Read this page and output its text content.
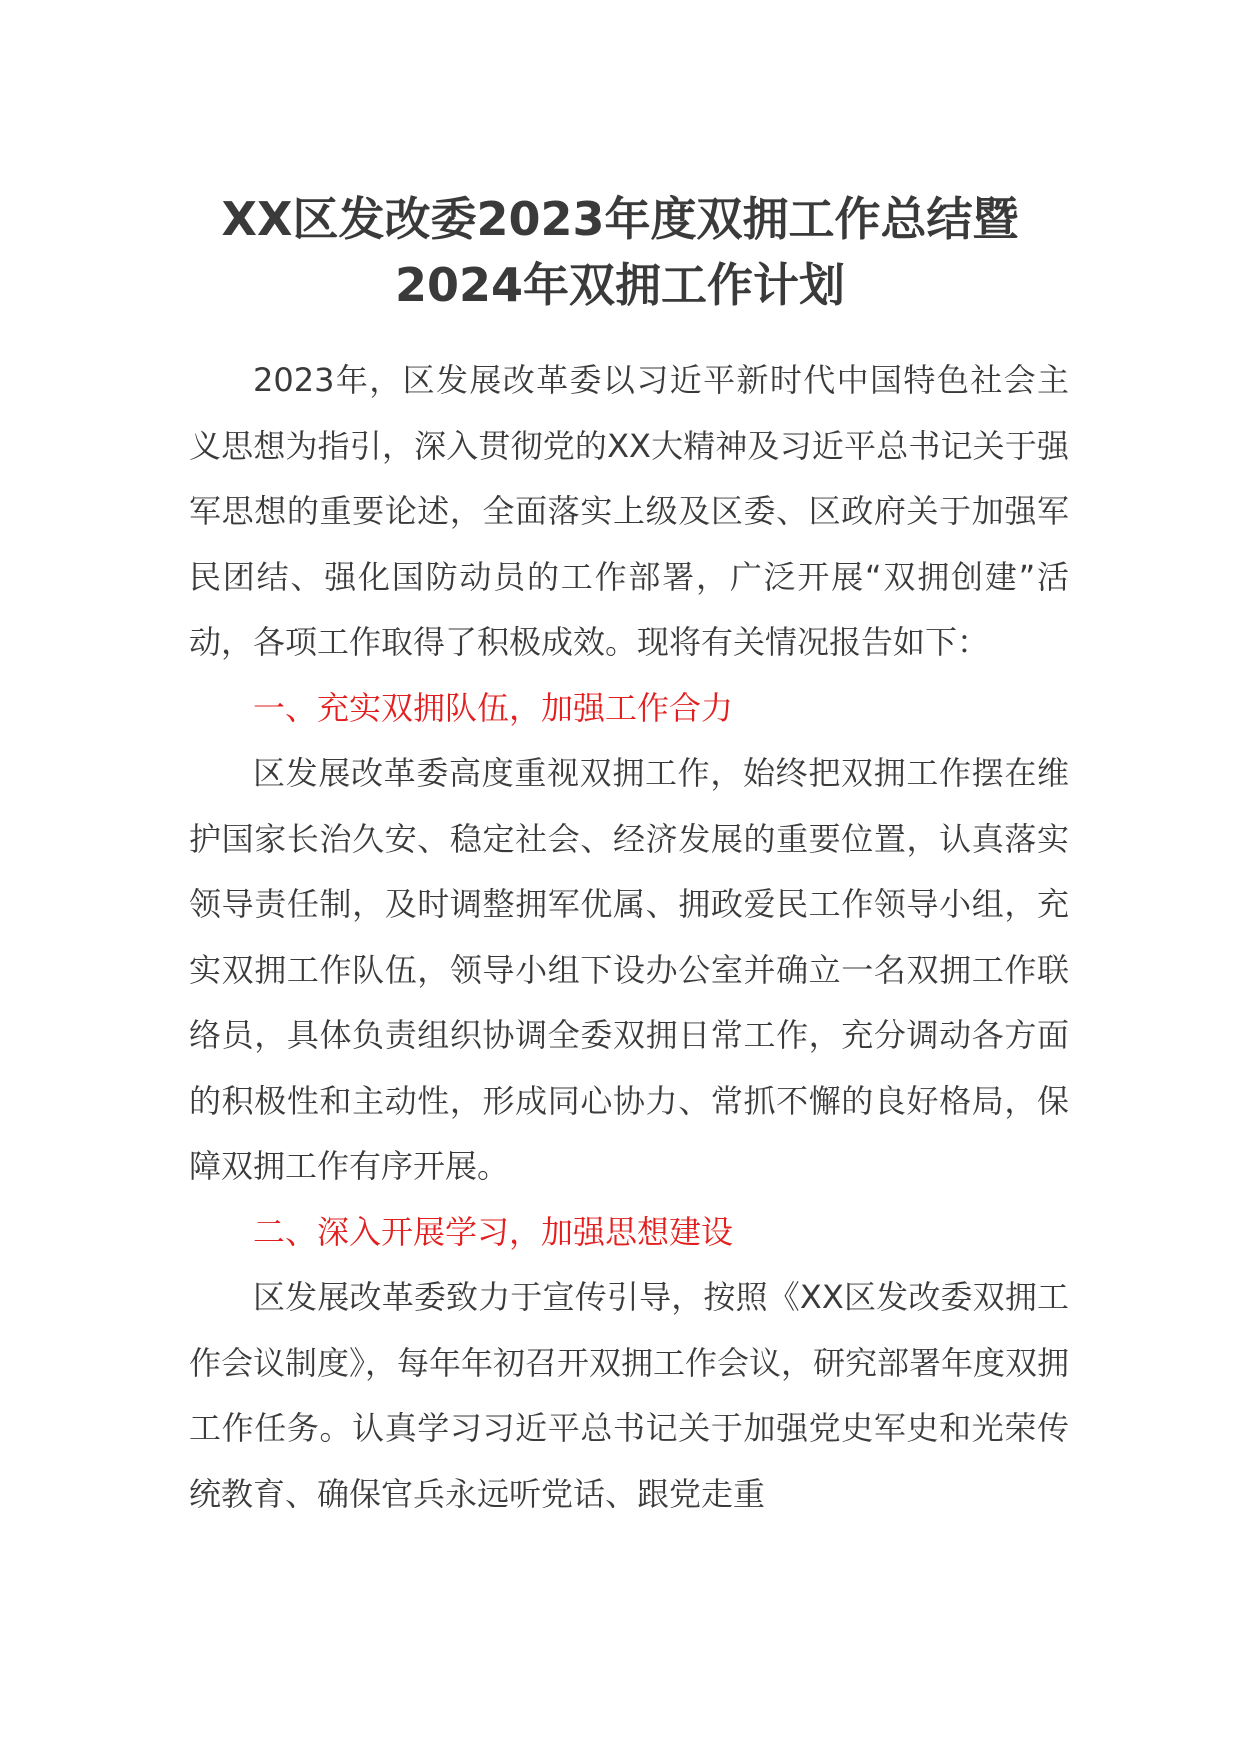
XX区发改委2023年度双拥工作总结暨
2024年双拥工作计划

2023年，区发展改革委以习近平新时代中国特色社会主义思想为指引，深入贯彻党的XX大精神及习近平总书记关于强军思想的重要论述，全面落实上级及区委、区政府关于加强军民团结、强化国防动员的工作部署，广泛开展“双拥创建”活动，各项工作取得了积极成效。现将有关情况报告如下：

一、充实双拥队伍，加强工作合力

区发展改革委高度重视双拥工作，始终把双拥工作摆在维护国家长治久安、稳定社会、经济发展的重要位置，认真落实领导责任制，及时调整拥军优属、拥政爱民工作领导小组，充实双拥工作队伍，领导小组下设办公室并确立一名双拥工作联络员，具体负责组织协调全委双拥日常工作，充分调动各方面的积极性和主动性，形成同心协力、常抓不懈的良好格局，保障双拥工作有序开展。

二、深入开展学习，加强思想建设

区发展改革委致力于宣传引导，按照《XX区发改委双拥工作会议制度》，每年年初召开双拥工作会议，研究部署年度双拥工作任务。认真学习习近平总书记关于加强党史军史和光荣传统教育、确保官兵永远听党话、跟党走重
